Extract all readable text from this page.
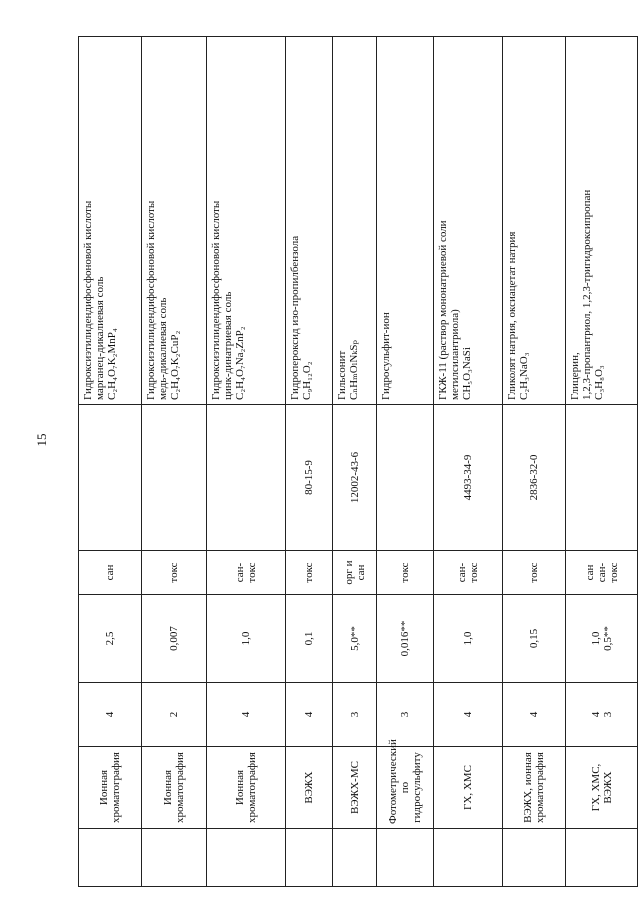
15

	Ионная хроматография	4	2,5	сан		Гидроксиэтилидендифосфоновой кислоты марганец-дикалиевая соль C₂H₄O₇K₂MnP₄

	Ионная хроматография	2	0,007	токс		Гидроксиэтилидендифосфоновой кислоты медь-дикалиевая соль C₂H₄O₇K₂CuP₂

	Ионная хроматография	4	1,0	сан-токс		Гидроксиэтилидендифосфоновой кислоты цинк-динатриевая соль C₂H₄O₇Na₂ZnP₂

	ВЭЖХ	4	0,1	токс	80-15-9	Гидропероксид изо-пропилбензола C₉H₁₂O₂

	ВЭЖХ-МС	3	5,0**	орг и сан	12002-43-6	Гильсонит CₙHₘOₗNₖSₚ

	Фотометрический по гидросульфиту	3	0,016**	токс		Гидросульфит-ион

	ГХ, ХМС	4	1,0	сан-токс	4493-34-9	ГКЖ-11 (раствор мононатриевой соли метилсилантриола) CH₅O₃NaSi

	ВЭЖХ, ионная хроматография	4	0,15	токс	2836-32-0	Гликолят натрия, оксиацетат натрия C₂H₃NaO₃

	ГХ, ХМС, ВЭЖХ	4 3	1,0 0,5**	сан сан-токс		Глицерин, 1,2,3-пропантриол, 1,2,3-тригидроксипропан C₃H₈O₃
